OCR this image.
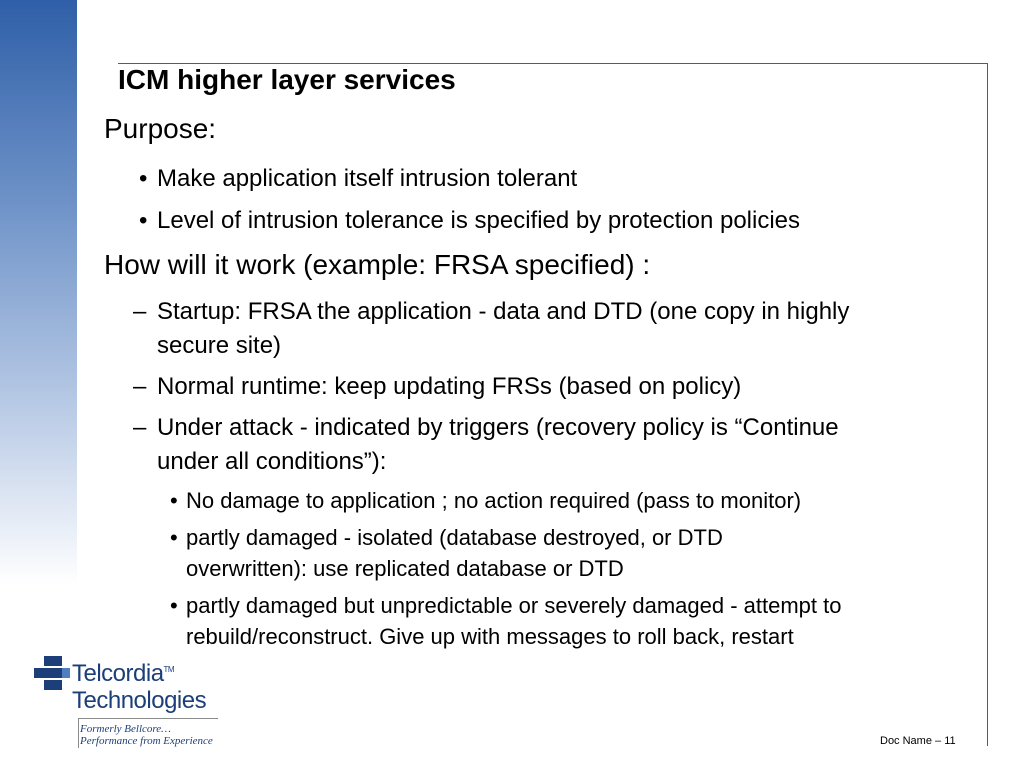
ICM higher layer services
Purpose:
• Make application itself intrusion tolerant
• Level of intrusion tolerance is specified by protection policies
How will it work (example: FRSA specified) :
– Startup: FRSA the application - data and DTD (one copy in highly secure site)
– Normal runtime: keep updating FRSs (based on policy)
– Under attack - indicated by triggers (recovery policy is “Continue under all conditions”):
• No damage to application ; no action required (pass to monitor)
• partly damaged - isolated (database destroyed, or DTD overwritten): use replicated database or DTD
• partly damaged but unpredictable or severely damaged - attempt to rebuild/reconstruct. Give up with messages to roll back, restart
Telcordia™
Technologies
Formerly Bellcore…
Performance from Experience	Doc Name – 11
